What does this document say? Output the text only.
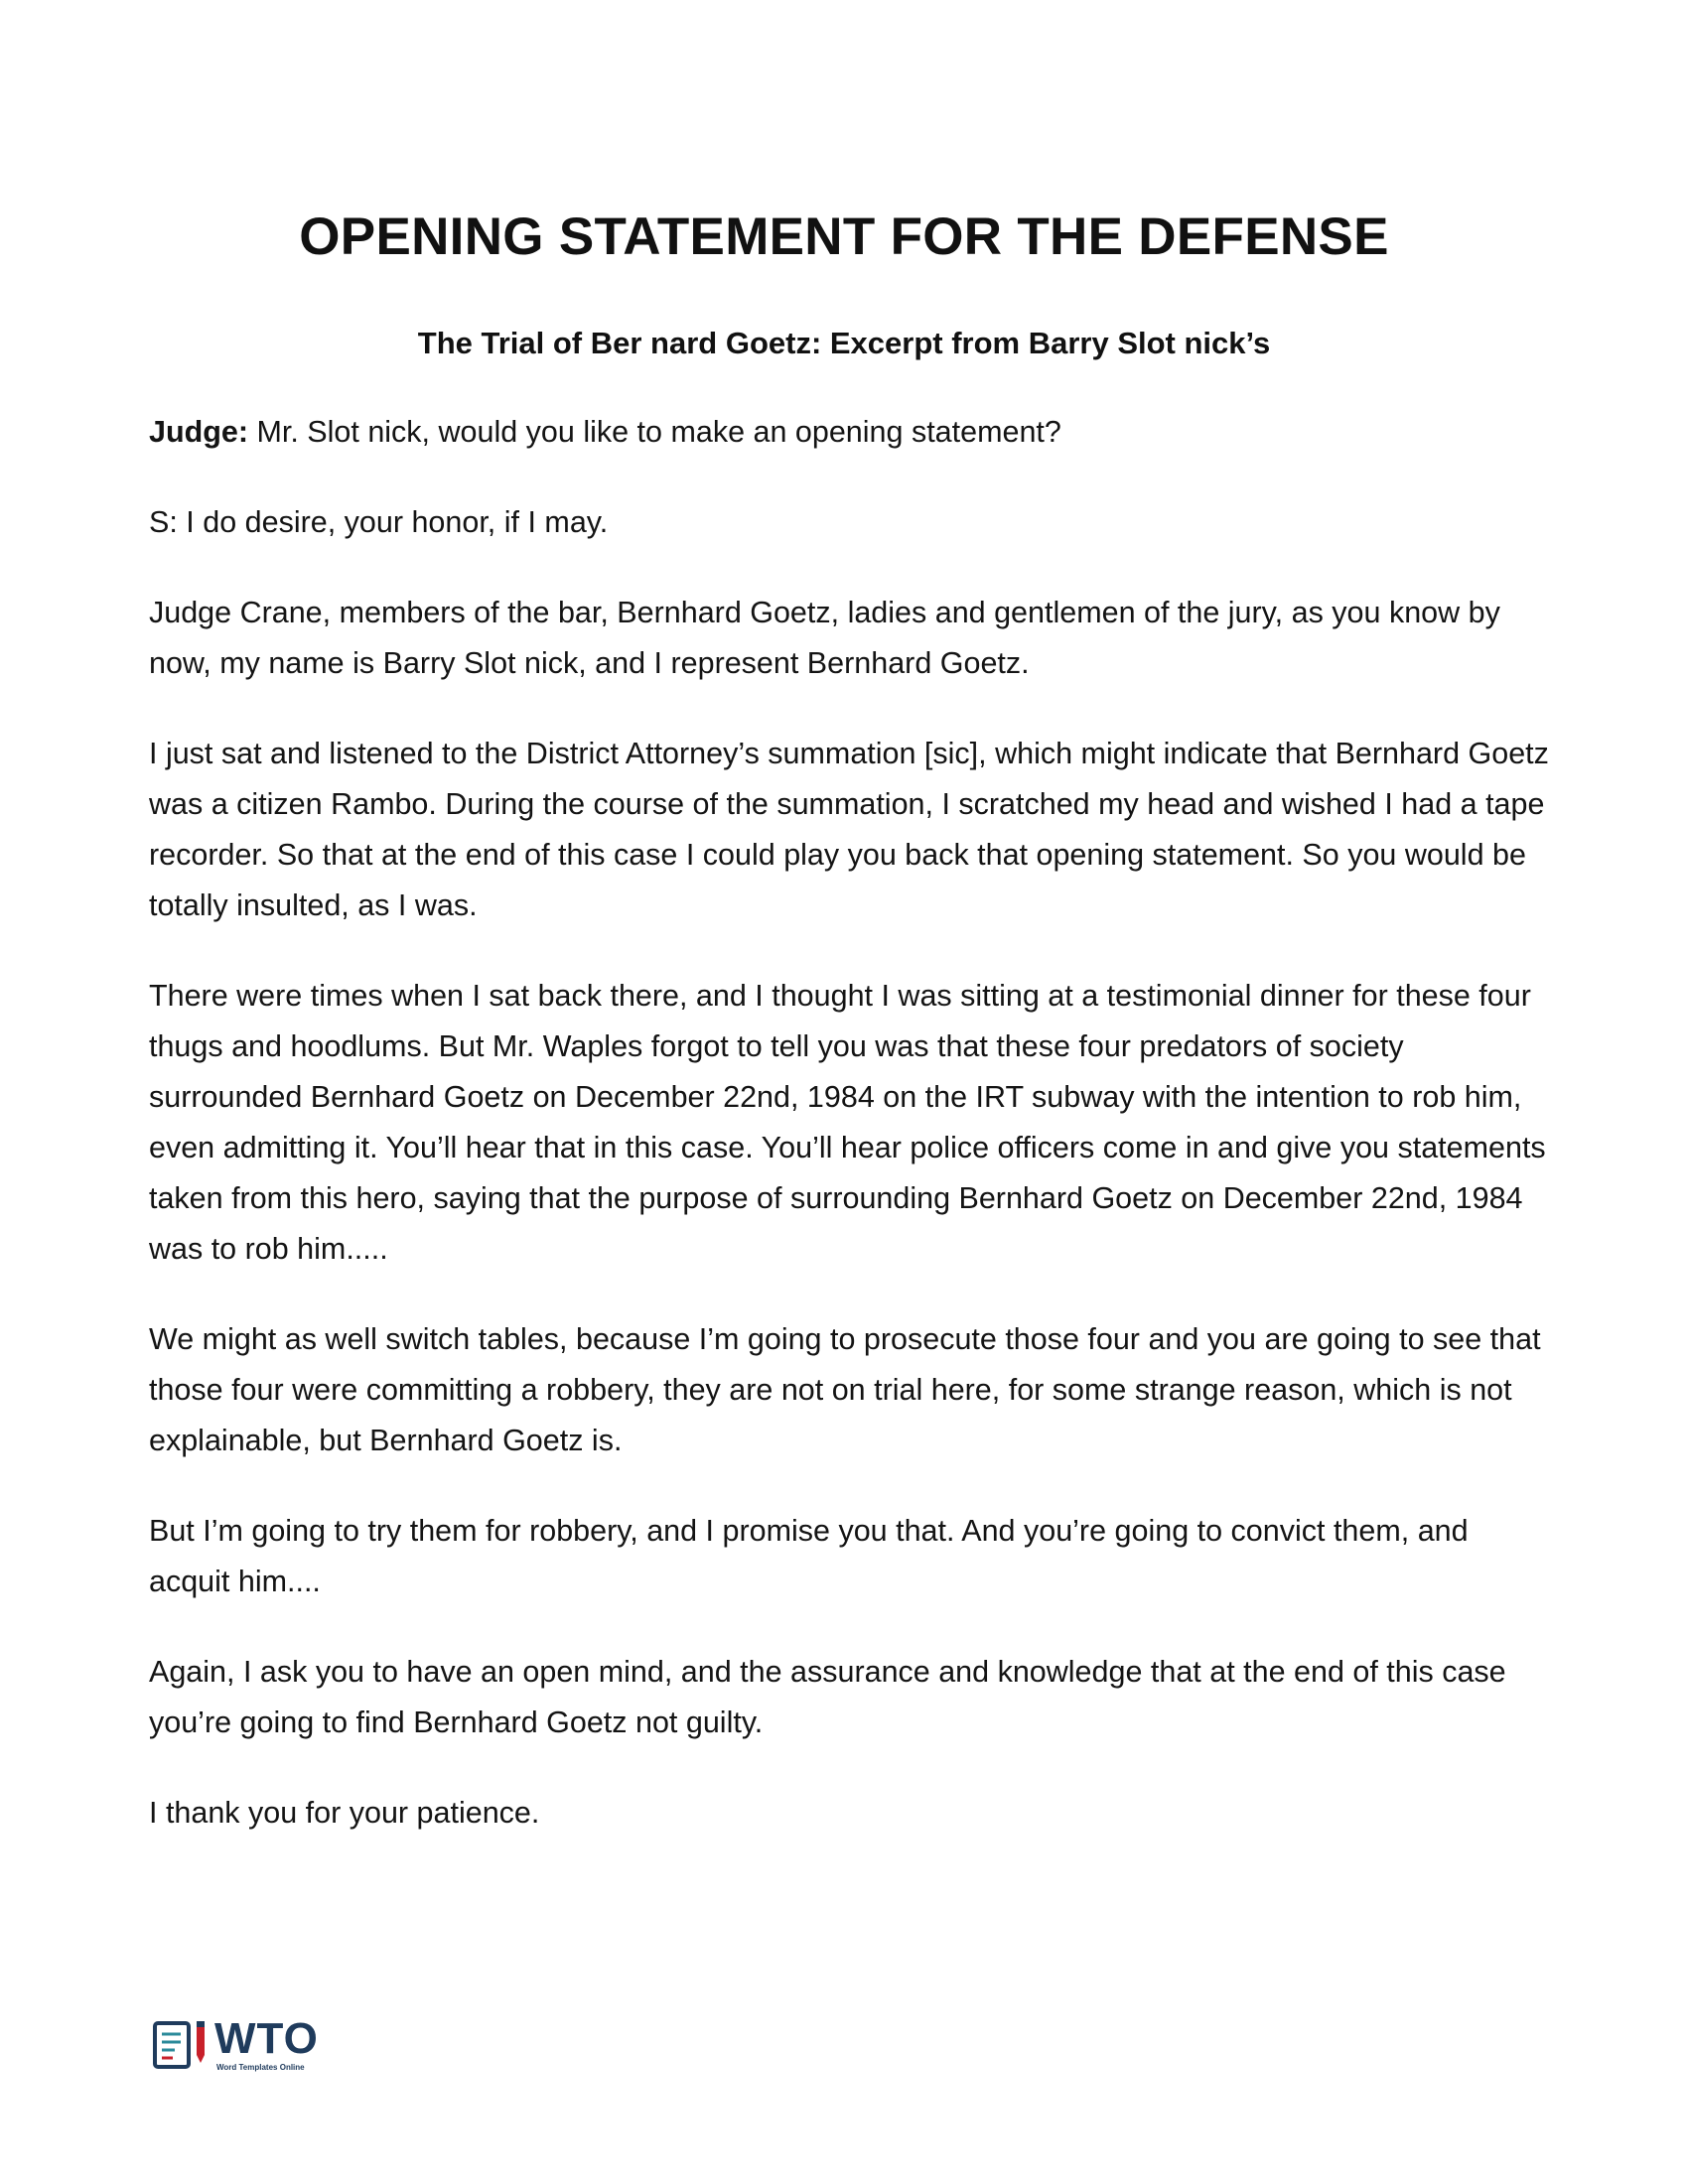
OPENING STATEMENT FOR THE DEFENSE
The Trial of Ber nard Goetz: Excerpt from Barry Slot nick’s

Judge: Mr. Slot nick, would you like to make an opening statement?

S: I do desire, your honor, if I may.

Judge Crane, members of the bar, Bernhard Goetz, ladies and gentlemen of the jury, as you know by now, my name is Barry Slot nick, and I represent Bernhard Goetz.

I just sat and listened to the District Attorney’s summation [sic], which might indicate that Bernhard Goetz was a citizen Rambo. During the course of the summation, I scratched my head and wished I had a tape recorder. So that at the end of this case I could play you back that opening statement. So you would be totally insulted, as I was.

There were times when I sat back there, and I thought I was sitting at a testimonial dinner for these four thugs and hoodlums. But Mr. Waples forgot to tell you was that these four predators of society surrounded Bernhard Goetz on December 22nd, 1984 on the IRT subway with the intention to rob him, even admitting it. You’ll hear that in this case. You’ll hear police officers come in and give you statements taken from this hero, saying that the purpose of surrounding Bernhard Goetz on December 22nd, 1984 was to rob him.....

We might as well switch tables, because I’m going to prosecute those four and you are going to see that those four were committing a robbery, they are not on trial here, for some strange reason, which is not explainable, but Bernhard Goetz is.

But I’m going to try them for robbery, and I promise you that. And you’re going to convict them, and acquit him....

Again, I ask you to have an open mind, and the assurance and knowledge that at the end of this case you’re going to find Bernhard Goetz not guilty.

I thank you for your patience.

WTO
Word Templates Online
